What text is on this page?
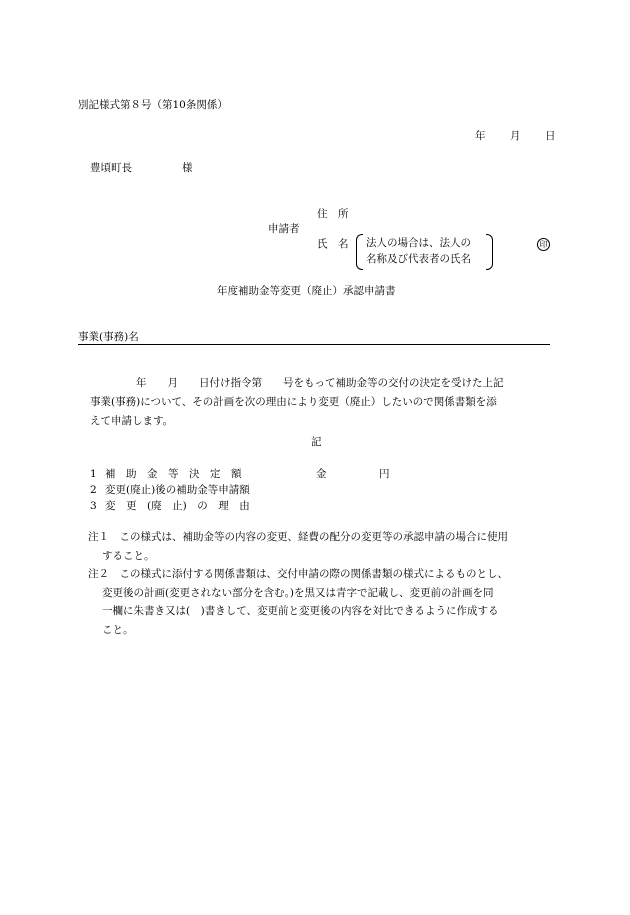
別記様式第８号（第10条関係）
年 月 日
豊頃町長	様
住　所
申請者
氏　名 法人の場合は、法人の
名称及び代表者の氏名
印
年度補助金等変更（廃止）承認申請書
事業(事務)名

年　　月　　日付け指令第　　号をもって補助金等の交付の決定を受けた上記

事業(事務)について、その計画を次の理由により変更（廃止）したいので関係書類を添

えて申請します。

記
1 補　助　金　等　決　定　額	金　　　　　円
2 変更(廃止)後の補助金等申請額
3 変　更　(廃　止)　の　理　由
注１　 この様式は、補助金等の内容の変更、経費の配分の変更等の承認申請の場合に使用
すること。
注２　 この様式に添付する関係書類は、交付申請の際の関係書類の様式によるものとし、
変更後の計画(変更されない部分を含む。)を黒又は青字で記載し、変更前の計画を同
一欄に朱書き又は(　)書きして、変更前と変更後の内容を対比できるように作成する
こと。
